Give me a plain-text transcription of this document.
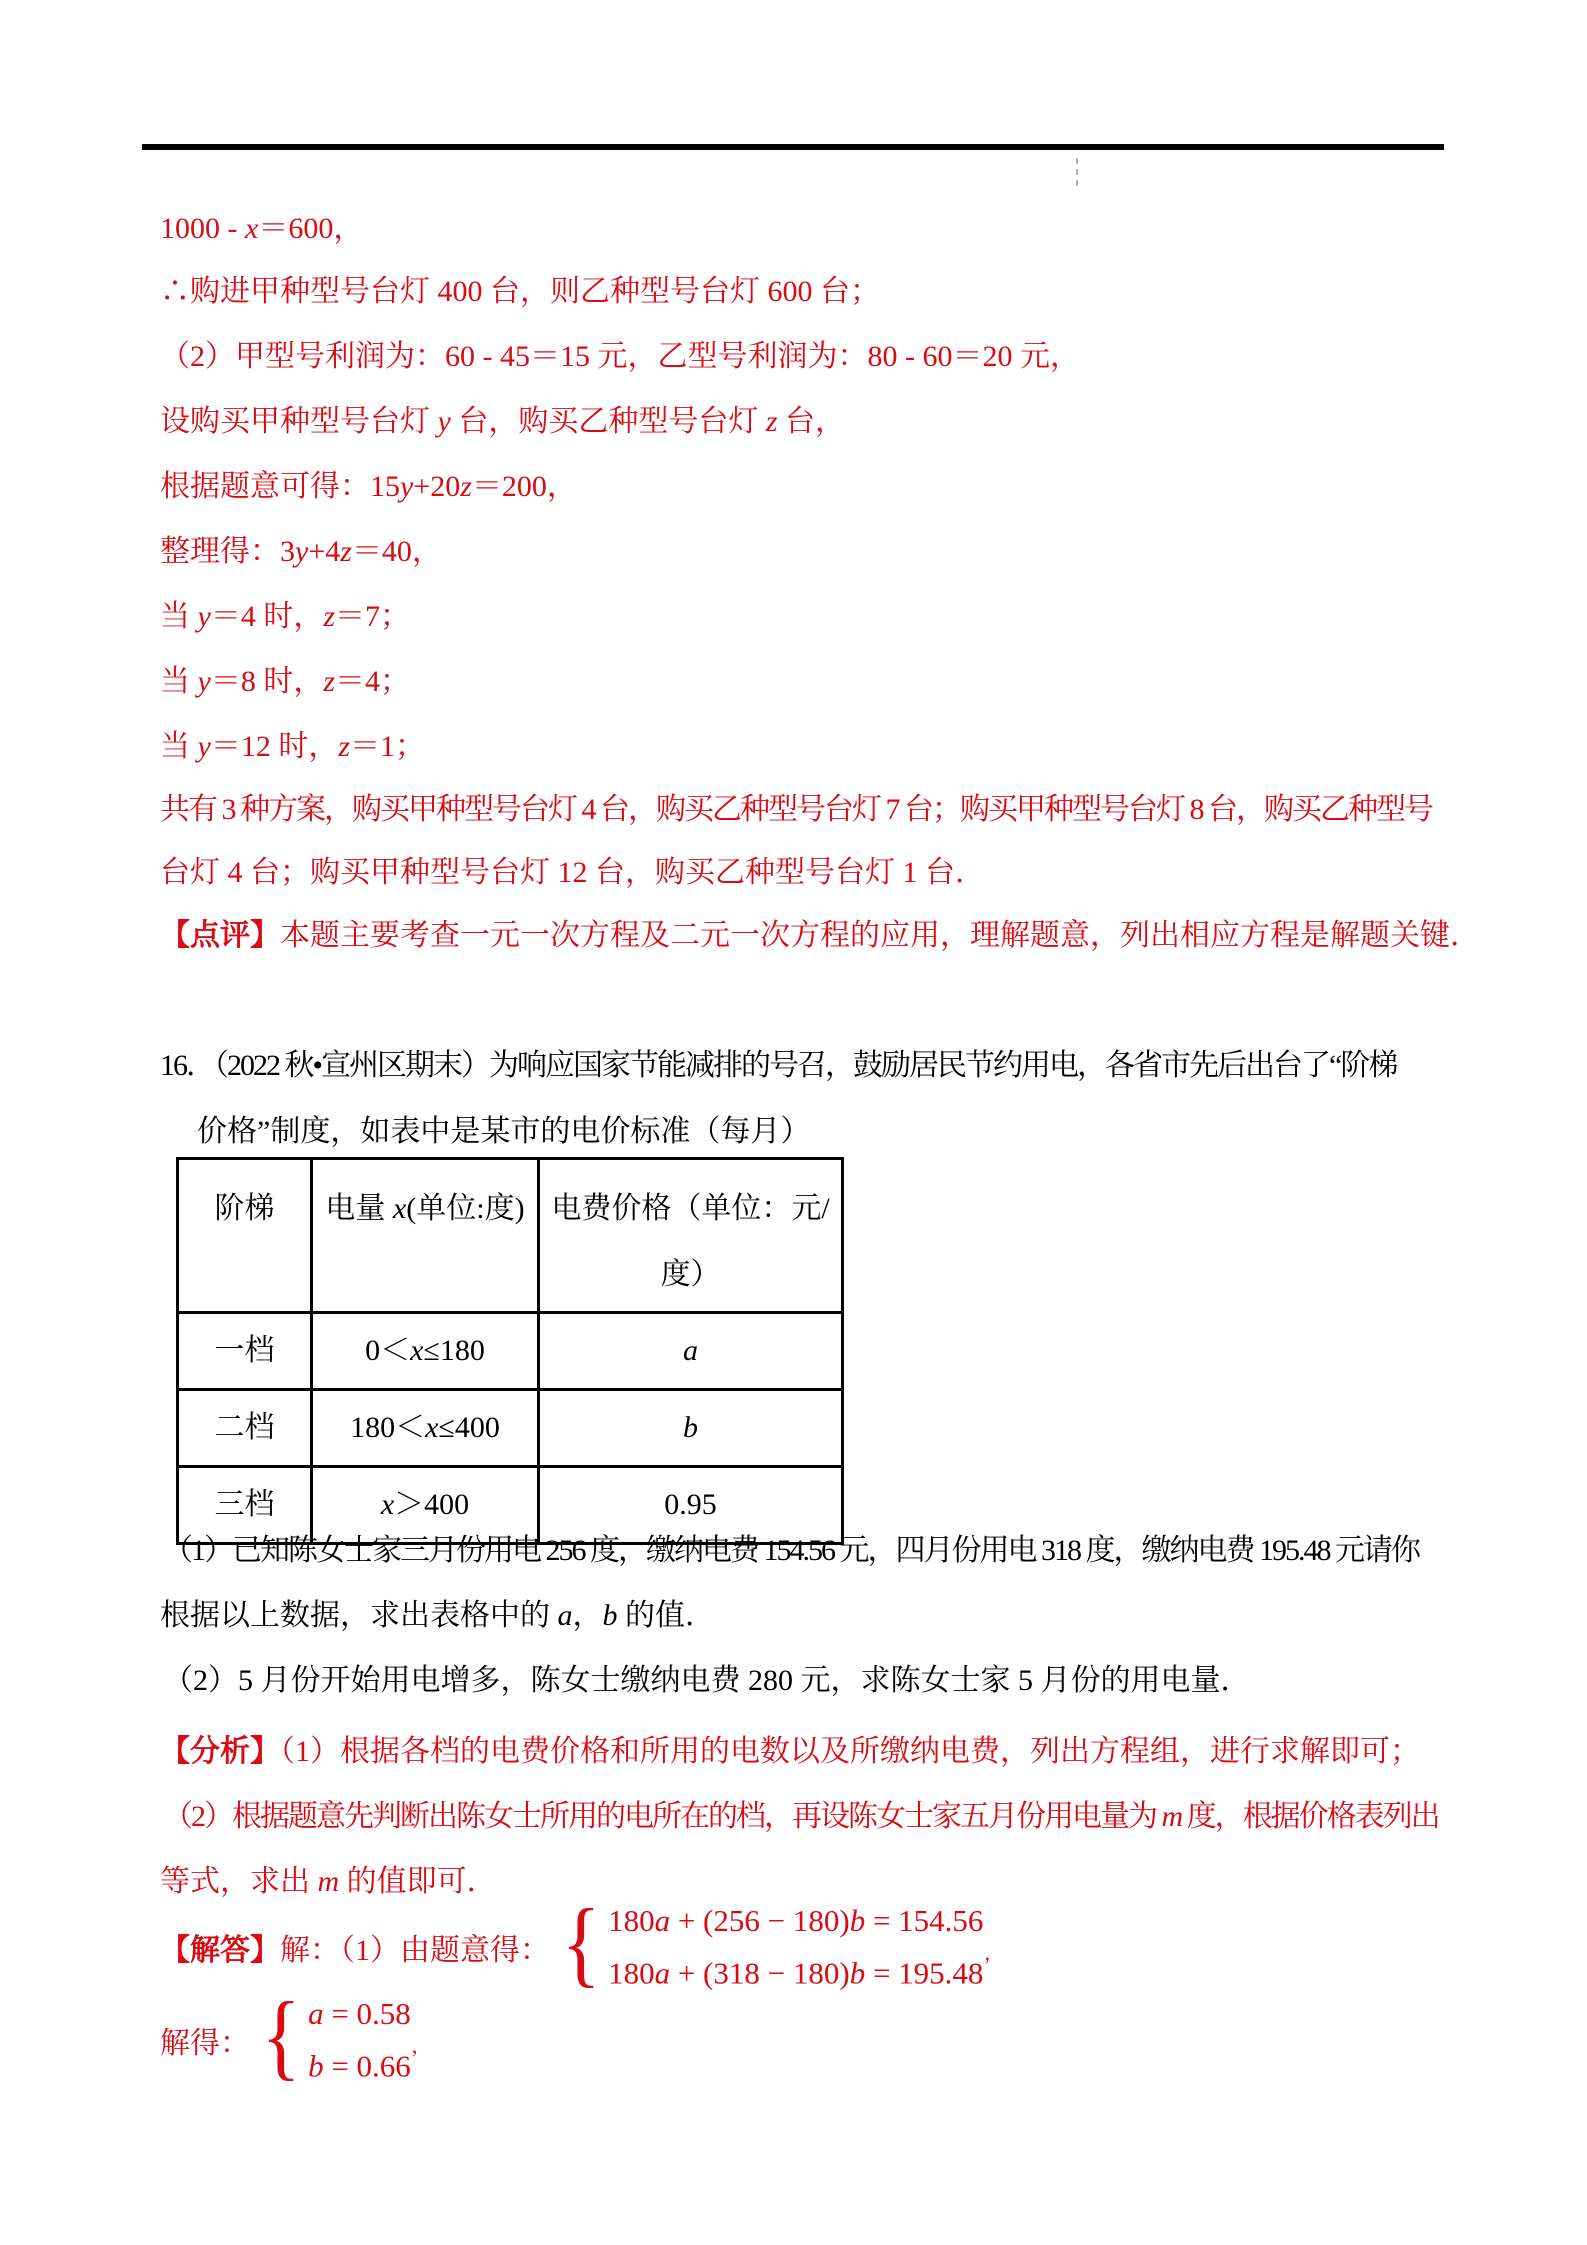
1000 - x＝600，
∴购进甲种型号台灯 400 台，则乙种型号台灯 600 台；
（2）甲型号利润为：60 - 45＝15 元，乙型号利润为：80 - 60＝20 元，
设购买甲种型号台灯 y 台，购买乙种型号台灯 z 台，
根据题意可得：15y+20z＝200，
整理得：3y+4z＝40，
当 y＝4 时，z＝7；
当 y＝8 时，z＝4；
当 y＝12 时，z＝1；
共有 3 种方案，购买甲种型号台灯 4 台，购买乙种型号台灯 7 台；购买甲种型号台灯 8 台，购买乙种型号
台灯 4 台；购买甲种型号台灯 12 台，购买乙种型号台灯 1 台．
【点评】本题主要考查一元一次方程及二元一次方程的应用，理解题意，列出相应方程是解题关键．
16．（2022 秋•宣州区期末）为响应国家节能减排的号召，鼓励居民节约用电，各省市先后出台了“阶梯
价格”制度，如表中是某市的电价标准（每月）
阶梯	电量 x(单位:度)	电费价格（单位：元/
度）
一档	0＜x≤180	a
二档	180＜x≤400	b
三档	x＞400	0.95
（1）已知陈女士家三月份用电 256 度，缴纳电费 154.56 元，四月份用电 318 度，缴纳电费 195.48 元请你
根据以上数据，求出表格中的 a，b 的值．
（2）5 月份开始用电增多，陈女士缴纳电费 280 元，求陈女士家 5 月份的用电量．
【分析】（1）根据各档的电费价格和所用的电数以及所缴纳电费，列出方程组，进行求解即可；
（2）根据题意先判断出陈女士所用的电所在的档，再设陈女士家五月份用电量为 m 度，根据价格表列出
等式，求出 m 的值即可．
【解答】解：（1）由题意得： { 180a + (256 − 180)b = 154.56
180a + (318 − 180)b = 195.48’
解得： { a = 0.58
b = 0.66’
